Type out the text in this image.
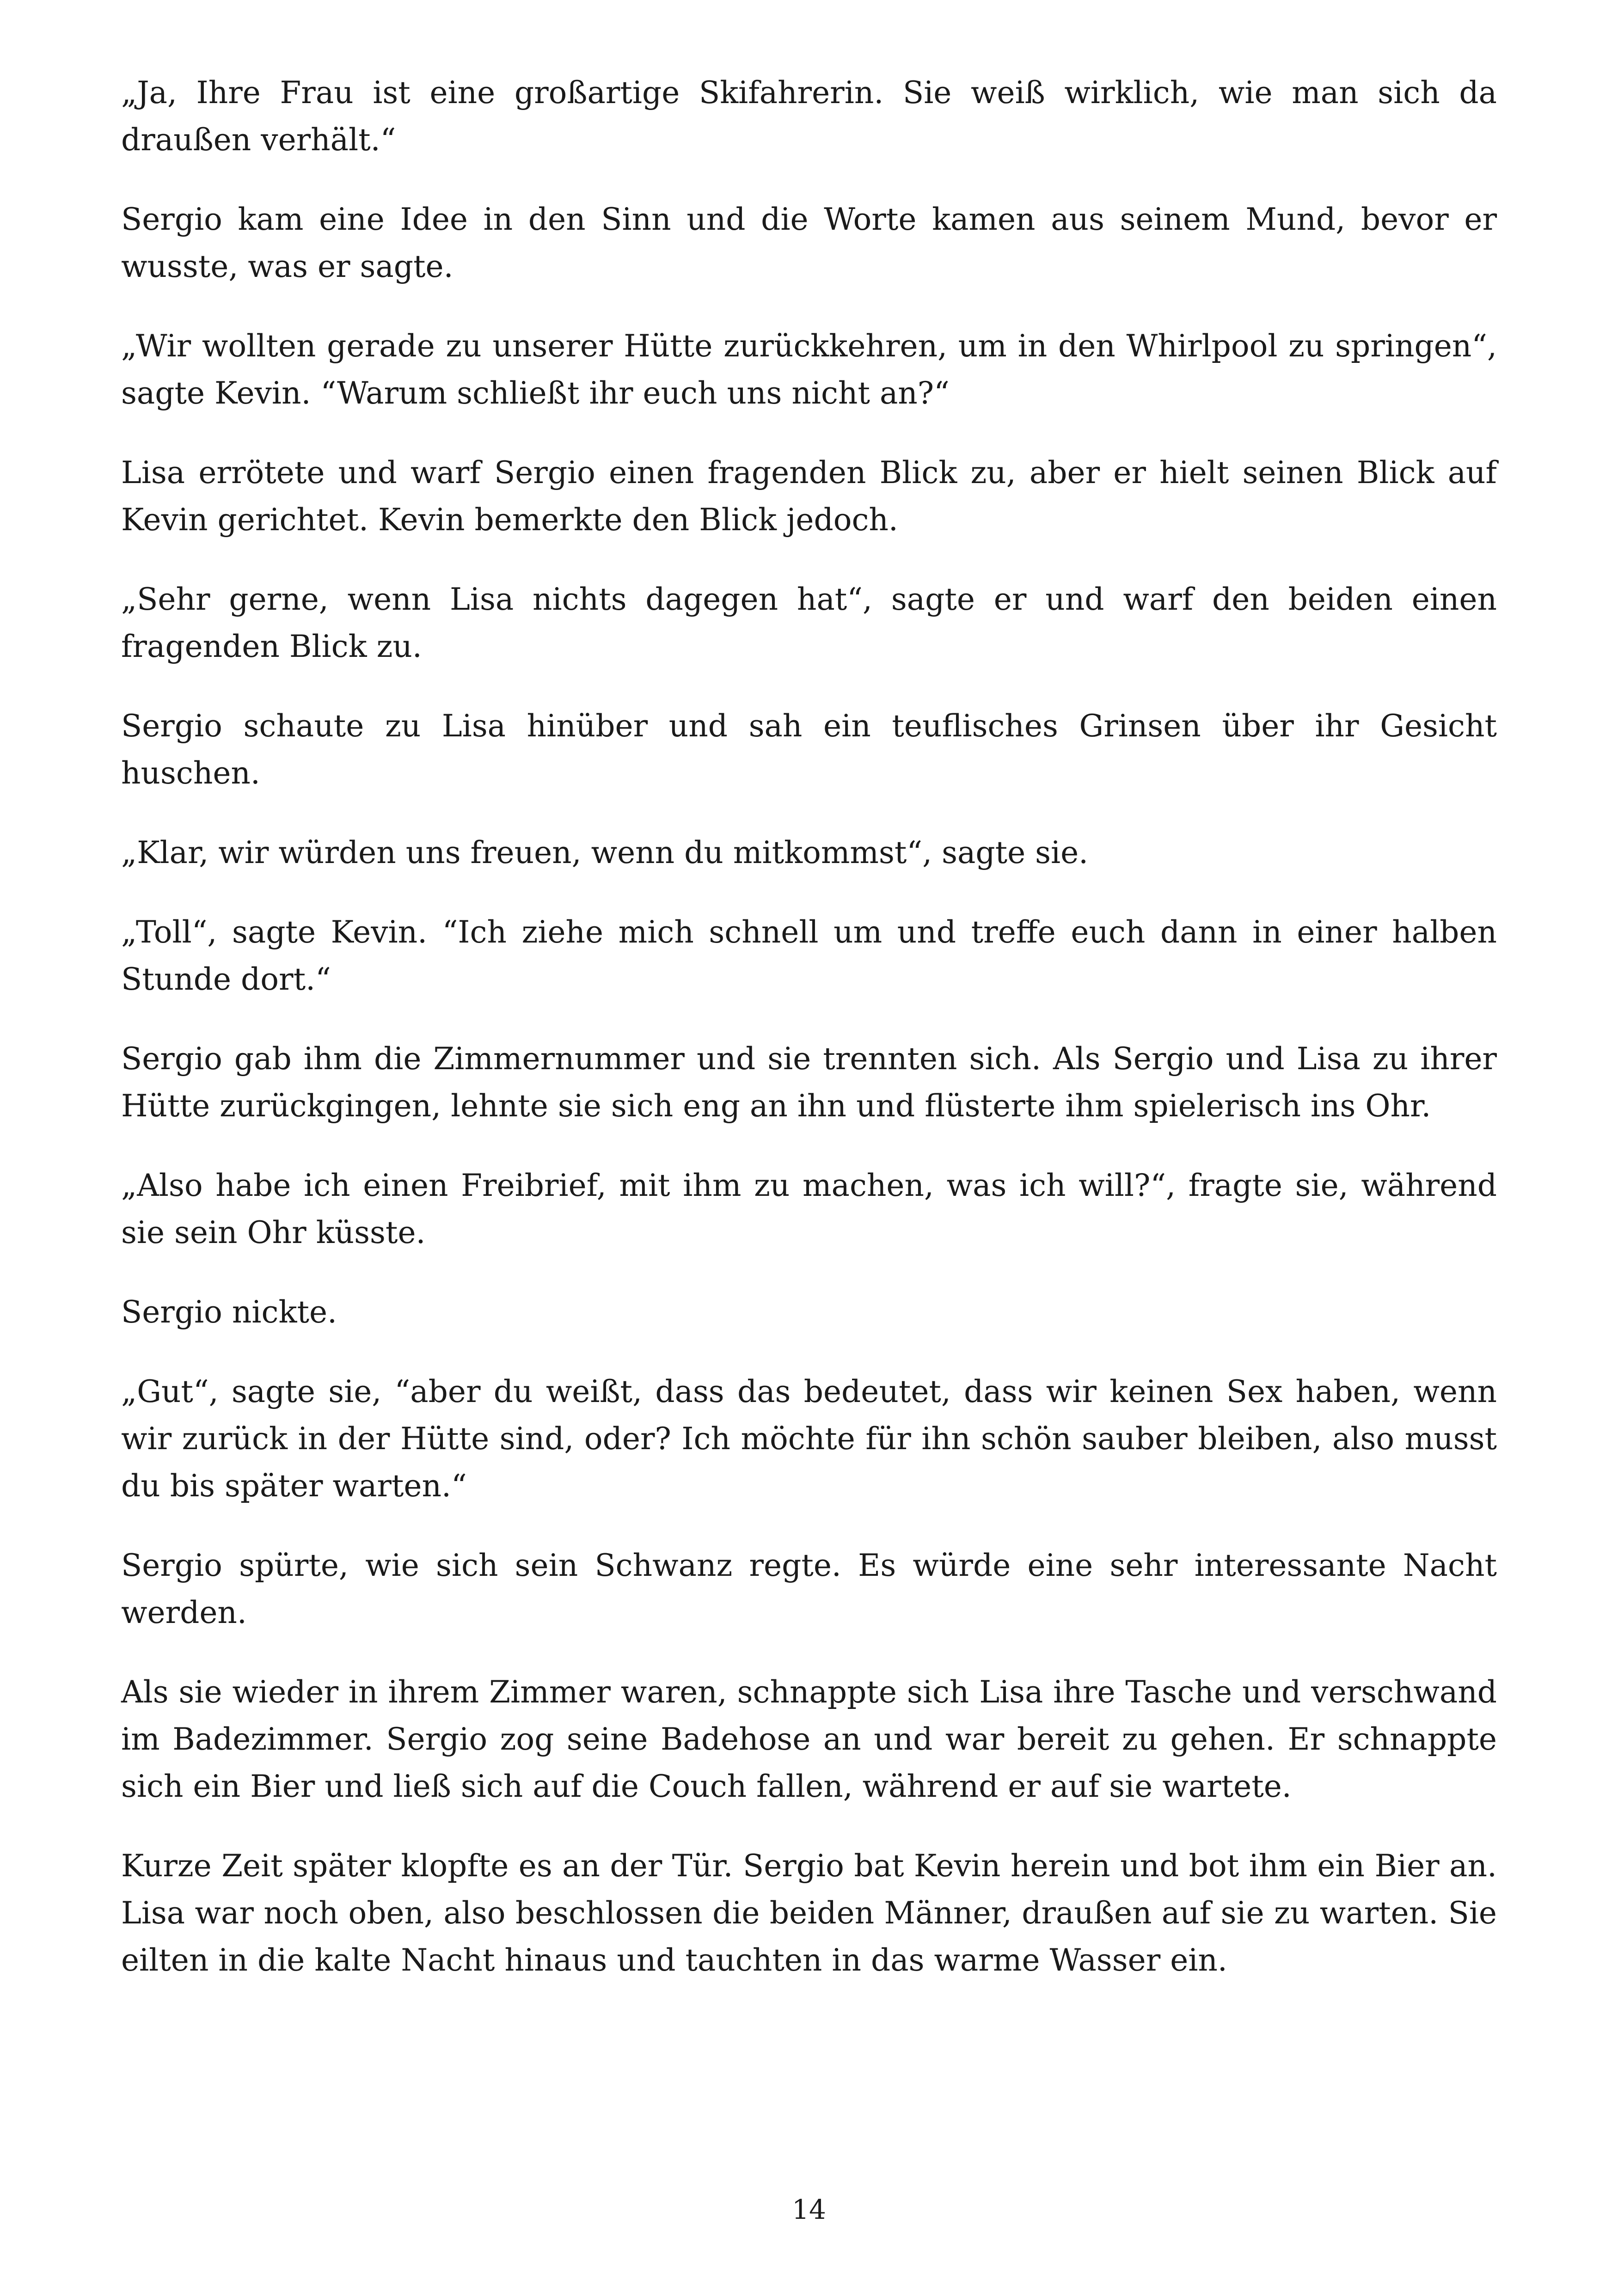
„Ja, Ihre Frau ist eine großartige Skifahrerin. Sie weiß wirklich, wie man sich da draußen verhält.“

Sergio kam eine Idee in den Sinn und die Worte kamen aus seinem Mund, bevor er wusste, was er sagte.

„Wir wollten gerade zu unserer Hütte zurückkehren, um in den Whirlpool zu springen“, sagte Kevin. “Warum schließt ihr euch uns nicht an?“

Lisa errötete und warf Sergio einen fragenden Blick zu, aber er hielt seinen Blick auf Kevin gerichtet. Kevin bemerkte den Blick jedoch.

„Sehr gerne, wenn Lisa nichts dagegen hat“, sagte er und warf den beiden einen fragenden Blick zu.

Sergio schaute zu Lisa hinüber und sah ein teuflisches Grinsen über ihr Gesicht huschen.

„Klar, wir würden uns freuen, wenn du mitkommst“, sagte sie.

„Toll“, sagte Kevin. “Ich ziehe mich schnell um und treffe euch dann in einer halben Stunde dort.“

Sergio gab ihm die Zimmernummer und sie trennten sich. Als Sergio und Lisa zu ihrer Hütte zurückgingen, lehnte sie sich eng an ihn und flüsterte ihm spielerisch ins Ohr.

„Also habe ich einen Freibrief, mit ihm zu machen, was ich will?“, fragte sie, während sie sein Ohr küsste.

Sergio nickte.

„Gut“, sagte sie, “aber du weißt, dass das bedeutet, dass wir keinen Sex haben, wenn wir zurück in der Hütte sind, oder? Ich möchte für ihn schön sauber bleiben, also musst du bis später warten.“

Sergio spürte, wie sich sein Schwanz regte. Es würde eine sehr interessante Nacht werden.

Als sie wieder in ihrem Zimmer waren, schnappte sich Lisa ihre Tasche und verschwand im Badezimmer. Sergio zog seine Badehose an und war bereit zu gehen. Er schnappte sich ein Bier und ließ sich auf die Couch fallen, während er auf sie wartete.

Kurze Zeit später klopfte es an der Tür. Sergio bat Kevin herein und bot ihm ein Bier an. Lisa war noch oben, also beschlossen die beiden Männer, draußen auf sie zu warten. Sie eilten in die kalte Nacht hinaus und tauchten in das warme Wasser ein.

14
